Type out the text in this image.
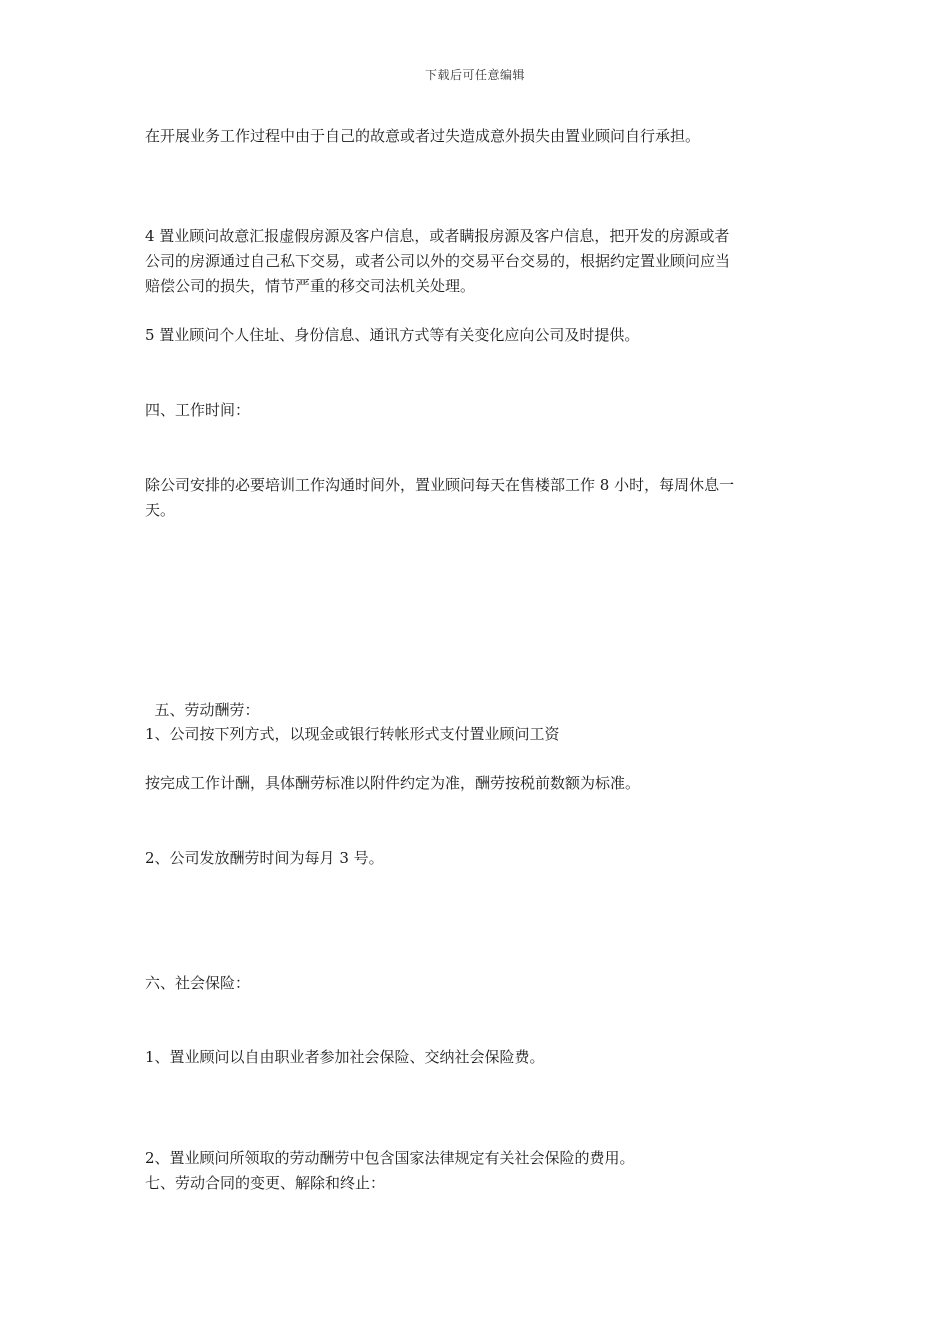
下载后可任意编辑
在开展业务工作过程中由于自己的故意或者过失造成意外损失由置业顾问自行承担。
4 置业顾问故意汇报虚假房源及客户信息，或者瞒报房源及客户信息，把开发的房源或者
公司的房源通过自己私下交易，或者公司以外的交易平台交易的，根据约定置业顾问应当
赔偿公司的损失，情节严重的移交司法机关处理。
5 置业顾问个人住址、身份信息、通讯方式等有关变化应向公司及时提供。
四、工作时间：
除公司安排的必要培训工作沟通时间外，置业顾问每天在售楼部工作 8 小时，每周休息一
天。

五、劳动酬劳：

1、公司按下列方式，以现金或银行转帐形式支付置业顾问工资
按完成工作计酬，具体酬劳标准以附件约定为准，酬劳按税前数额为标准。
2、公司发放酬劳时间为每月 3 号。
六、社会保险：
1、置业顾问以自由职业者参加社会保险、交纳社会保险费。
2、置业顾问所领取的劳动酬劳中包含国家法律规定有关社会保险的费用。
七、劳动合同的变更、解除和终止：
